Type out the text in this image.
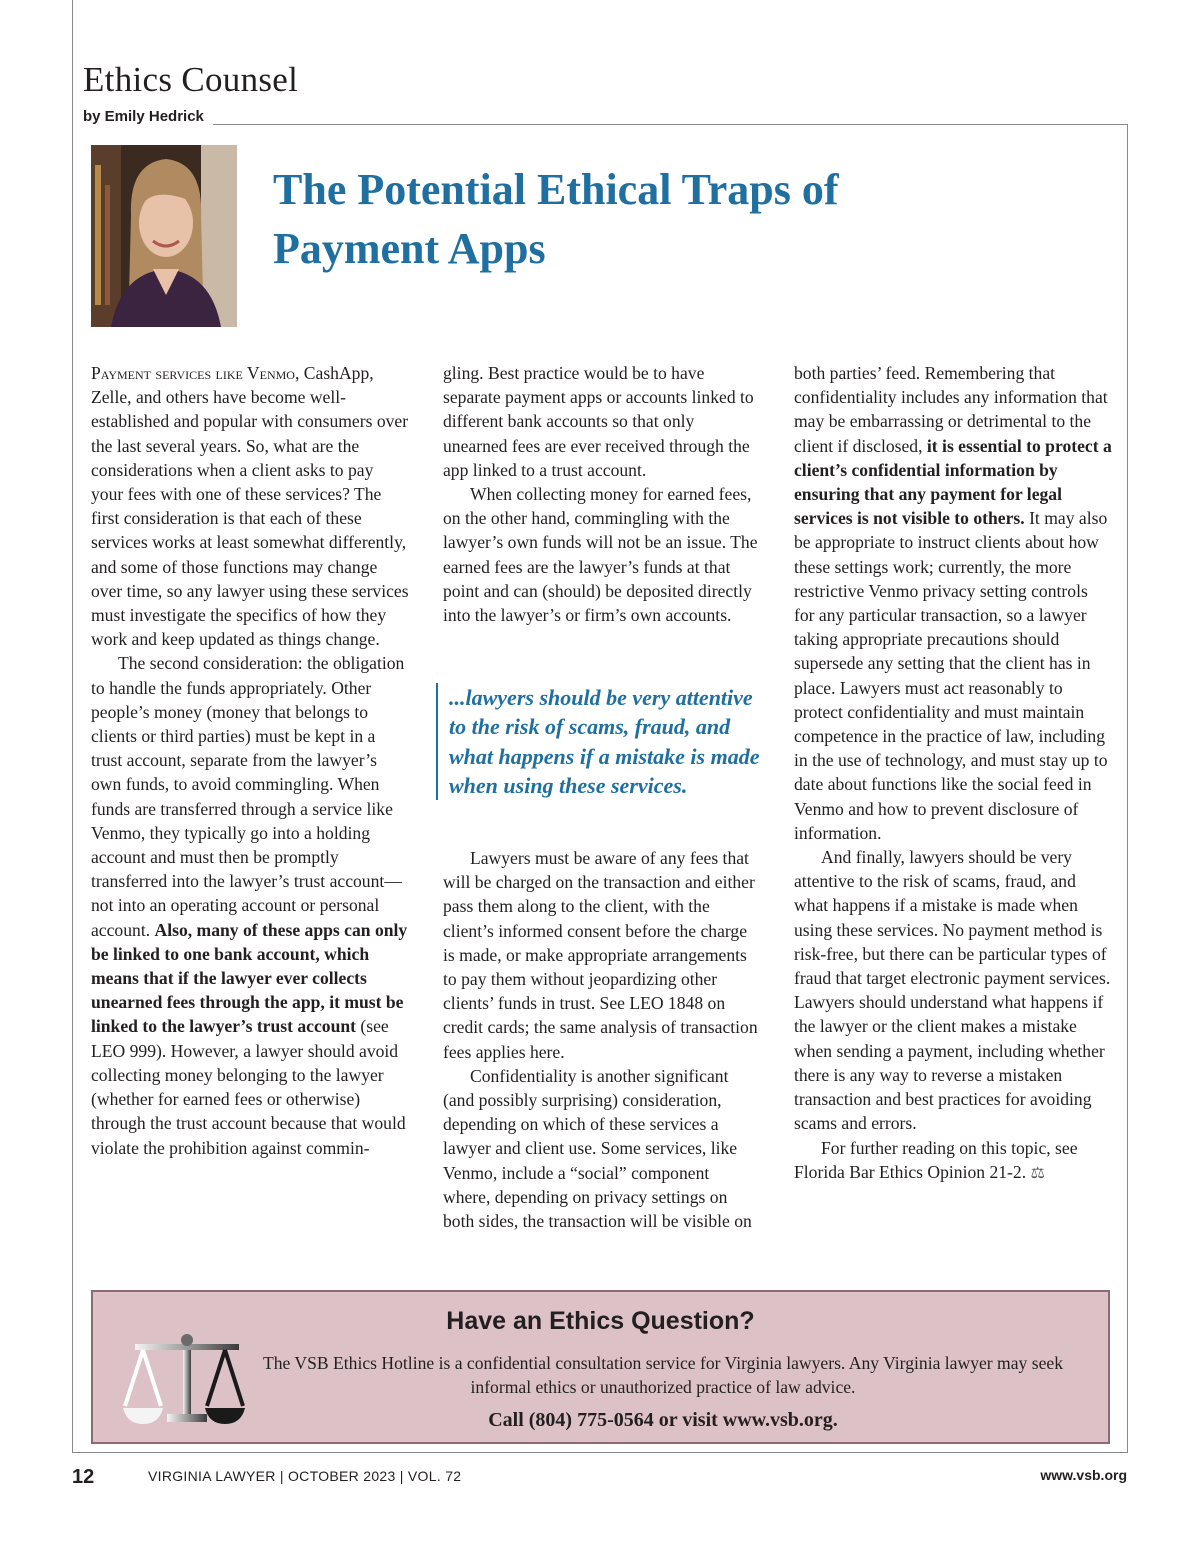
Ethics Counsel
by Emily Hedrick
The Potential Ethical Traps of
Payment Apps

Payment services like Venmo, CashApp, Zelle, and others have become well-established and popular with consumers over the last several years. So, what are the considerations when a client asks to pay your fees with one of these services? The first consideration is that each of these services works at least somewhat differently, and some of those functions may change over time, so any lawyer using these services must investigate the specifics of how they work and keep updated as things change.

The second consideration: the obligation to handle the funds appropriately. Other people’s money (money that belongs to clients or third parties) must be kept in a trust account, separate from the lawyer’s own funds, to avoid commingling. When funds are transferred through a service like Venmo, they typically go into a holding account and must then be promptly transferred into the lawyer’s trust account—not into an operating account or personal account. Also, many of these apps can only be linked to one bank account, which means that if the lawyer ever collects unearned fees through the app, it must be linked to the lawyer’s trust account (see LEO 999). However, a lawyer should avoid collecting money belonging to the lawyer (whether for earned fees or otherwise) through the trust account because that would violate the prohibition against commin-

gling. Best practice would be to have separate payment apps or accounts linked to different bank accounts so that only unearned fees are ever received through the app linked to a trust account.

When collecting money for earned fees, on the other hand, commingling with the lawyer’s own funds will not be an issue. The earned fees are the lawyer’s funds at that point and can (should) be deposited directly into the lawyer’s or firm’s own accounts.

...lawyers should be very attentive to the risk of scams, fraud, and what happens if a mistake is made when using these services.

Lawyers must be aware of any fees that will be charged on the transaction and either pass them along to the client, with the client’s informed consent before the charge is made, or make appropriate arrangements to pay them without jeopardizing other clients’ funds in trust. See LEO 1848 on credit cards; the same analysis of transaction fees applies here.

Confidentiality is another significant (and possibly surprising) consideration, depending on which of these services a lawyer and client use. Some services, like Venmo, include a “social” component where, depending on privacy settings on both sides, the transaction will be visible on

both parties’ feed. Remembering that confidentiality includes any information that may be embarrassing or detrimental to the client if disclosed, it is essential to protect a client’s confidential information by ensuring that any payment for legal services is not visible to others. It may also be appropriate to instruct clients about how these settings work; currently, the more restrictive Venmo privacy setting controls for any particular transaction, so a lawyer taking appropriate precautions should supersede any setting that the client has in place. Lawyers must act reasonably to protect confidentiality and must maintain competence in the practice of law, including in the use of technology, and must stay up to date about functions like the social feed in Venmo and how to prevent disclosure of information.

And finally, lawyers should be very attentive to the risk of scams, fraud, and what happens if a mistake is made when using these services. No payment method is risk-free, but there can be particular types of fraud that target electronic payment services. Lawyers should understand what happens if the lawyer or the client makes a mistake when sending a payment, including whether there is any way to reverse a mistaken transaction and best practices for avoiding scams and errors.

For further reading on this topic, see Florida Bar Ethics Opinion 21-2. ⚖

Have an Ethics Question?
The VSB Ethics Hotline is a confidential consultation service for Virginia lawyers. Any Virginia lawyer may seek informal ethics or unauthorized practice of law advice.
Call (804) 775-0564 or visit www.vsb.org.
12	VIRGINIA LAWYER | OCTOBER 2023 | VOL. 72	www.vsb.org
